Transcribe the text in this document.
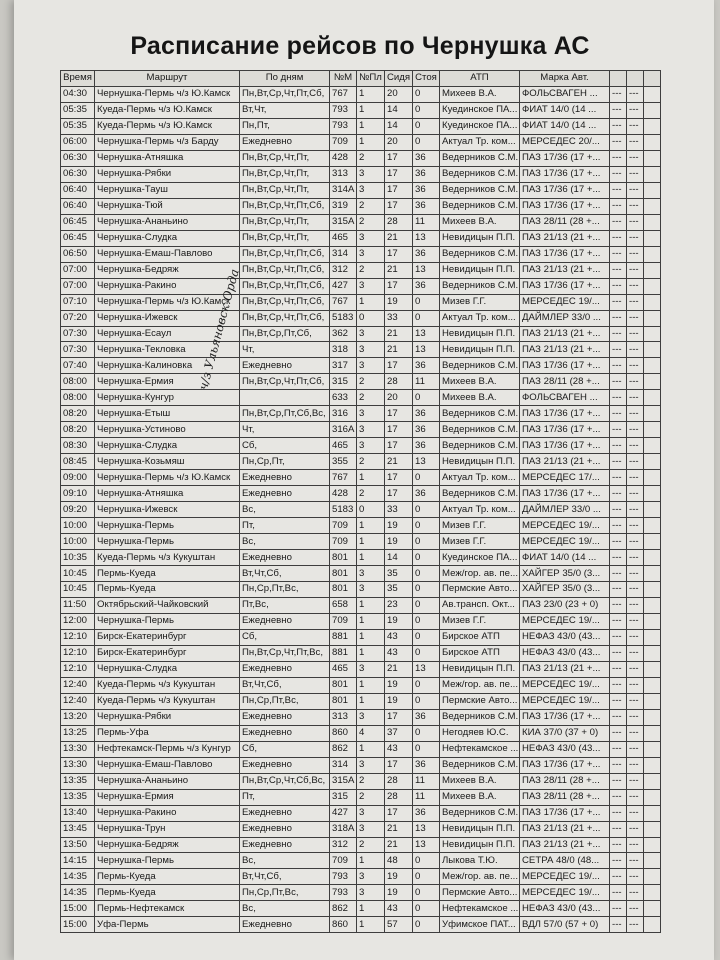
Расписание рейсов по Чернушка АС
Время	Маршрут	По дням	№М	№Пл	Сидя	Стоя	АТП	Марка Авт.			
04:30	Чернушка-Пермь ч/з Ю.Камск	Пн,Вт,Ср,Чт,Пт,Сб,	767	1	20	0	Михеев В.А.	ФОЛЬСВАГЕН ...	---	---	
05:35	Куеда-Пермь ч/з Ю.Камск	Вт,Чт,	793	1	14	0	Куединское ПА...	ФИАТ 14/0 (14 ...	---	---	
05:35	Куеда-Пермь ч/з Ю.Камск	Пн,Пт,	793	1	14	0	Куединское ПА...	ФИАТ 14/0 (14 ...	---	---	
06:00	Чернушка-Пермь ч/з Барду	Ежедневно	709	1	20	0	Актуал Тр. ком...	МЕРСЕДЕС 20/...	---	---	
06:30	Чернушка-Атняшка	Пн,Вт,Ср,Чт,Пт,	428	2	17	36	Ведерников С.М.	ПАЗ 17/36 (17 +...	---	---	
06:30	Чернушка-Рябки	Пн,Вт,Ср,Чт,Пт,	313	3	17	36	Ведерников С.М.	ПАЗ 17/36 (17 +...	---	---	
06:40	Чернушка-Тауш	Пн,Вт,Ср,Чт,Пт,	314А	3	17	36	Ведерников С.М.	ПАЗ 17/36 (17 +...	---	---	
06:40	Чернушка-Тюй	Пн,Вт,Ср,Чт,Пт,Сб,	319	2	17	36	Ведерников С.М.	ПАЗ 17/36 (17 +...	---	---	
06:45	Чернушка-Ананьино	Пн,Вт,Ср,Чт,Пт,	315А	2	28	11	Михеев В.А.	ПАЗ 28/11 (28 +...	---	---	
06:45	Чернушка-Слудка	Пн,Вт,Ср,Чт,Пт,	465	3	21	13	Невидицын П.П.	ПАЗ 21/13 (21 +...	---	---	
06:50	Чернушка-Емаш-Павлово	Пн,Вт,Ср,Чт,Пт,Сб,	314	3	17	36	Ведерников С.М.	ПАЗ 17/36 (17 +...	---	---	
07:00	Чернушка-Бедряж	Пн,Вт,Ср,Чт,Пт,Сб,	312	2	21	13	Невидицын П.П.	ПАЗ 21/13 (21 +...	---	---	
07:00	Чернушка-Ракино	Пн,Вт,Ср,Чт,Пт,Сб,	427	3	17	36	Ведерников С.М.	ПАЗ 17/36 (17 +...	---	---	
07:10	Чернушка-Пермь ч/з Ю.Камск	Пн,Вт,Ср,Чт,Пт,Сб,	767	1	19	0	Мизев Г.Г.	МЕРСЕДЕС 19/...	---	---	
07:20	Чернушка-Ижевск	Пн,Вт,Ср,Чт,Пт,Сб,	5183	0	33	0	Актуал Тр. ком...	ДАЙМЛЕР 33/0 ...	---	---	
07:30	Чернушка-Есаул	Пн,Вт,Ср,Пт,Сб,	362	3	21	13	Невидицын П.П.	ПАЗ 21/13 (21 +...	---	---	
07:30	Чернушка-Текловка	Чт,	318	3	21	13	Невидицын П.П.	ПАЗ 21/13 (21 +...	---	---	
07:40	Чернушка-Калиновка	Ежедневно	317	3	17	36	Ведерников С.М.	ПАЗ 17/36 (17 +...	---	---	
08:00	Чернушка-Ермия	Пн,Вт,Ср,Чт,Пт,Сб,	315	2	28	11	Михеев В.А.	ПАЗ 28/11 (28 +...	---	---	
08:00	Чернушка-Кунгур		633	2	20	0	Михеев В.А.	ФОЛЬСВАГЕН ...	---	---	
08:20	Чернушка-Етыш	Пн,Вт,Ср,Пт,Сб,Вс,	316	3	17	36	Ведерников С.М.	ПАЗ 17/36 (17 +...	---	---	
08:20	Чернушка-Устиново	Чт,	316А	3	17	36	Ведерников С.М.	ПАЗ 17/36 (17 +...	---	---	
08:30	Чернушка-Слудка	Сб,	465	3	17	36	Ведерников С.М.	ПАЗ 17/36 (17 +...	---	---	
08:45	Чернушка-Козьмяш	Пн,Ср,Пт,	355	2	21	13	Невидицын П.П.	ПАЗ 21/13 (21 +...	---	---	
09:00	Чернушка-Пермь ч/з Ю.Камск	Ежедневно	767	1	17	0	Актуал Тр. ком...	МЕРСЕДЕС 17/...	---	---	
09:10	Чернушка-Атняшка	Ежедневно	428	2	17	36	Ведерников С.М.	ПАЗ 17/36 (17 +...	---	---	
09:20	Чернушка-Ижевск	Вс,	5183	0	33	0	Актуал Тр. ком...	ДАЙМЛЕР 33/0 ...	---	---	
10:00	Чернушка-Пермь	Пт,	709	1	19	0	Мизев Г.Г.	МЕРСЕДЕС 19/...	---	---	
10:00	Чернушка-Пермь	Вс,	709	1	19	0	Мизев Г.Г.	МЕРСЕДЕС 19/...	---	---	
10:35	Куеда-Пермь ч/з Кукуштан	Ежедневно	801	1	14	0	Куединское ПА...	ФИАТ 14/0 (14 ...	---	---	
10:45	Пермь-Куеда	Вт,Чт,Сб,	801	3	35	0	Меж/гор. ав. пе...	ХАЙГЕР 35/0 (3...	---	---	
10:45	Пермь-Куеда	Пн,Ср,Пт,Вс,	801	3	35	0	Пермские Авто...	ХАЙГЕР 35/0 (3...	---	---	
11:50	Октябрьский-Чайковский	Пт,Вс,	658	1	23	0	Ав.трансп. Окт...	ПАЗ 23/0 (23 + 0)	---	---	
12:00	Чернушка-Пермь	Ежедневно	709	1	19	0	Мизев Г.Г.	МЕРСЕДЕС 19/...	---	---	
12:10	Бирск-Екатеринбург	Сб,	881	1	43	0	Бирское АТП	НЕФАЗ 43/0 (43...	---	---	
12:10	Бирск-Екатеринбург	Пн,Вт,Ср,Чт,Пт,Вс,	881	1	43	0	Бирское АТП	НЕФАЗ 43/0 (43...	---	---	
12:10	Чернушка-Слудка	Ежедневно	465	3	21	13	Невидицын П.П.	ПАЗ 21/13 (21 +...	---	---	
12:40	Куеда-Пермь ч/з Кукуштан	Вт,Чт,Сб,	801	1	19	0	Меж/гор. ав. пе...	МЕРСЕДЕС 19/...	---	---	
12:40	Куеда-Пермь ч/з Кукуштан	Пн,Ср,Пт,Вс,	801	1	19	0	Пермские Авто...	МЕРСЕДЕС 19/...	---	---	
13:20	Чернушка-Рябки	Ежедневно	313	3	17	36	Ведерников С.М.	ПАЗ 17/36 (17 +...	---	---	
13:25	Пермь-Уфа	Ежедневно	860	4	37	0	Негодяев Ю.С.	КИА 37/0 (37 + 0)	---	---	
13:30	Нефтекамск-Пермь ч/з Кунгур	Сб,	862	1	43	0	Нефтекамское ...	НЕФАЗ 43/0 (43...	---	---	
13:30	Чернушка-Емаш-Павлово	Ежедневно	314	3	17	36	Ведерников С.М.	ПАЗ 17/36 (17 +...	---	---	
13:35	Чернушка-Ананьино	Пн,Вт,Ср,Чт,Сб,Вс,	315А	2	28	11	Михеев В.А.	ПАЗ 28/11 (28 +...	---	---	
13:35	Чернушка-Ермия	Пт,	315	2	28	11	Михеев В.А.	ПАЗ 28/11 (28 +...	---	---	
13:40	Чернушка-Ракино	Ежедневно	427	3	17	36	Ведерников С.М.	ПАЗ 17/36 (17 +...	---	---	
13:45	Чернушка-Трун	Ежедневно	318А	3	21	13	Невидицын П.П.	ПАЗ 21/13 (21 +...	---	---	
13:50	Чернушка-Бедряж	Ежедневно	312	2	21	13	Невидицын П.П.	ПАЗ 21/13 (21 +...	---	---	
14:15	Чернушка-Пермь	Вс,	709	1	48	0	Лыкова Т.Ю.	СЕТРА 48/0 (48...	---	---	
14:35	Пермь-Куеда	Вт,Чт,Сб,	793	3	19	0	Меж/гор. ав. пе...	МЕРСЕДЕС 19/...	---	---	
14:35	Пермь-Куеда	Пн,Ср,Пт,Вс,	793	3	19	0	Пермские Авто...	МЕРСЕДЕС 19/...	---	---	
15:00	Пермь-Нефтекамск	Вс,	862	1	43	0	Нефтекамское ...	НЕФАЗ 43/0 (43...	---	---	
15:00	Уфа-Пермь	Ежедневно	860	1	57	0	Уфимское ПАТ...	ВДЛ 57/0 (57 + 0)	---	---	
ч/з Ульяновск Орда
